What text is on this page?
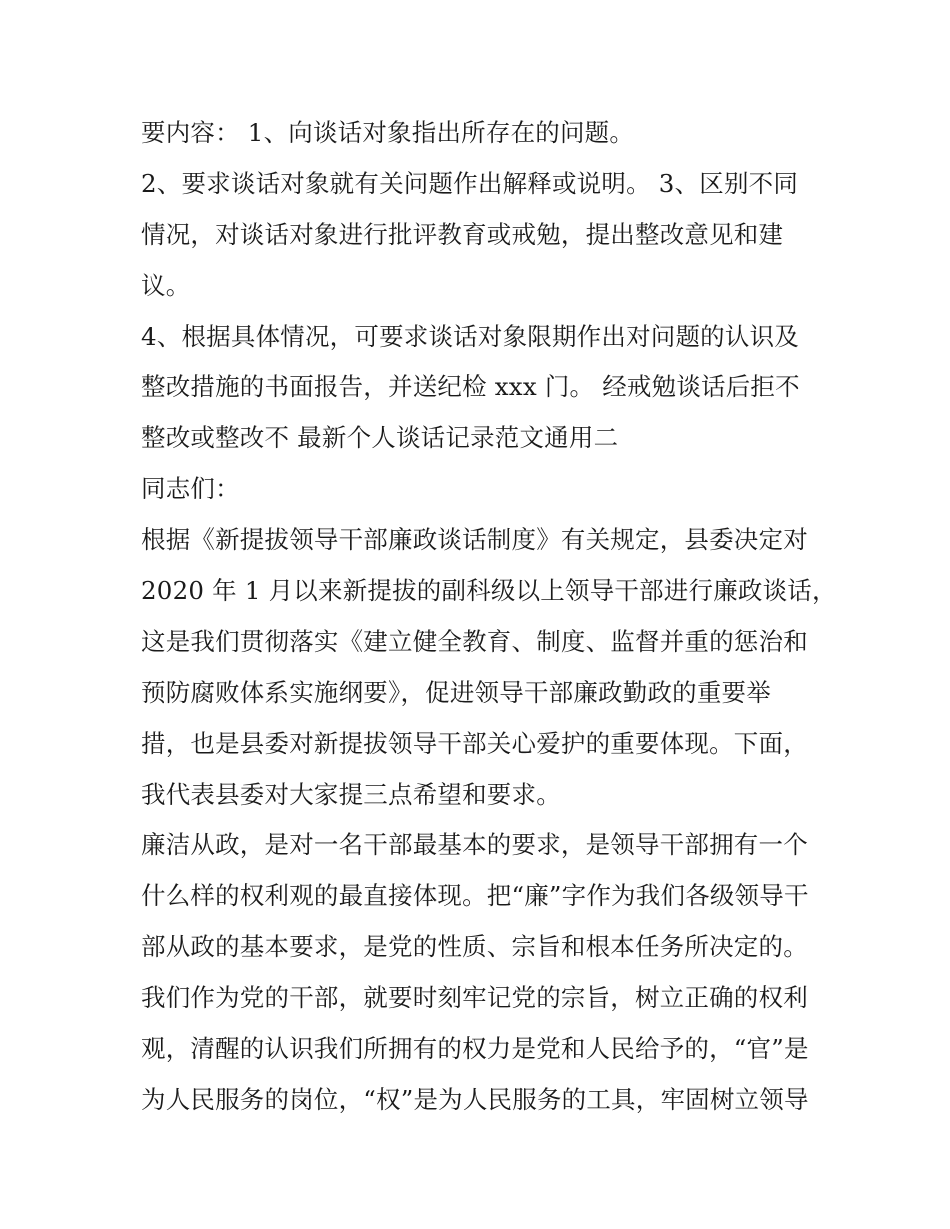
要内容： 1、向谈话对象指出所存在的问题。
2、要求谈话对象就有关问题作出解释或说明。 3、区别不同
情况，对谈话对象进行批评教育或戒勉，提出整改意见和建
议。
4、根据具体情况，可要求谈话对象限期作出对问题的认识及
整改措施的书面报告，并送纪检 xxx 门。 经戒勉谈话后拒不
整改或整改不 最新个人谈话记录范文通用二
同志们：
根据《新提拔领导干部廉政谈话制度》有关规定，县委决定对
2020 年 1 月以来新提拔的副科级以上领导干部进行廉政谈话，
这是我们贯彻落实《建立健全教育、制度、监督并重的惩治和
预防腐败体系实施纲要》，促进领导干部廉政勤政的重要举
措，也是县委对新提拔领导干部关心爱护的重要体现。下面，
我代表县委对大家提三点希望和要求。
廉洁从政，是对一名干部最基本的要求，是领导干部拥有一个
什么样的权利观的最直接体现。把“廉”字作为我们各级领导干
部从政的基本要求，是党的性质、宗旨和根本任务所决定的。
我们作为党的干部，就要时刻牢记党的宗旨，树立正确的权利
观，清醒的认识我们所拥有的权力是党和人民给予的，“官”是
为人民服务的岗位，“权”是为人民服务的工具，牢固树立领导
